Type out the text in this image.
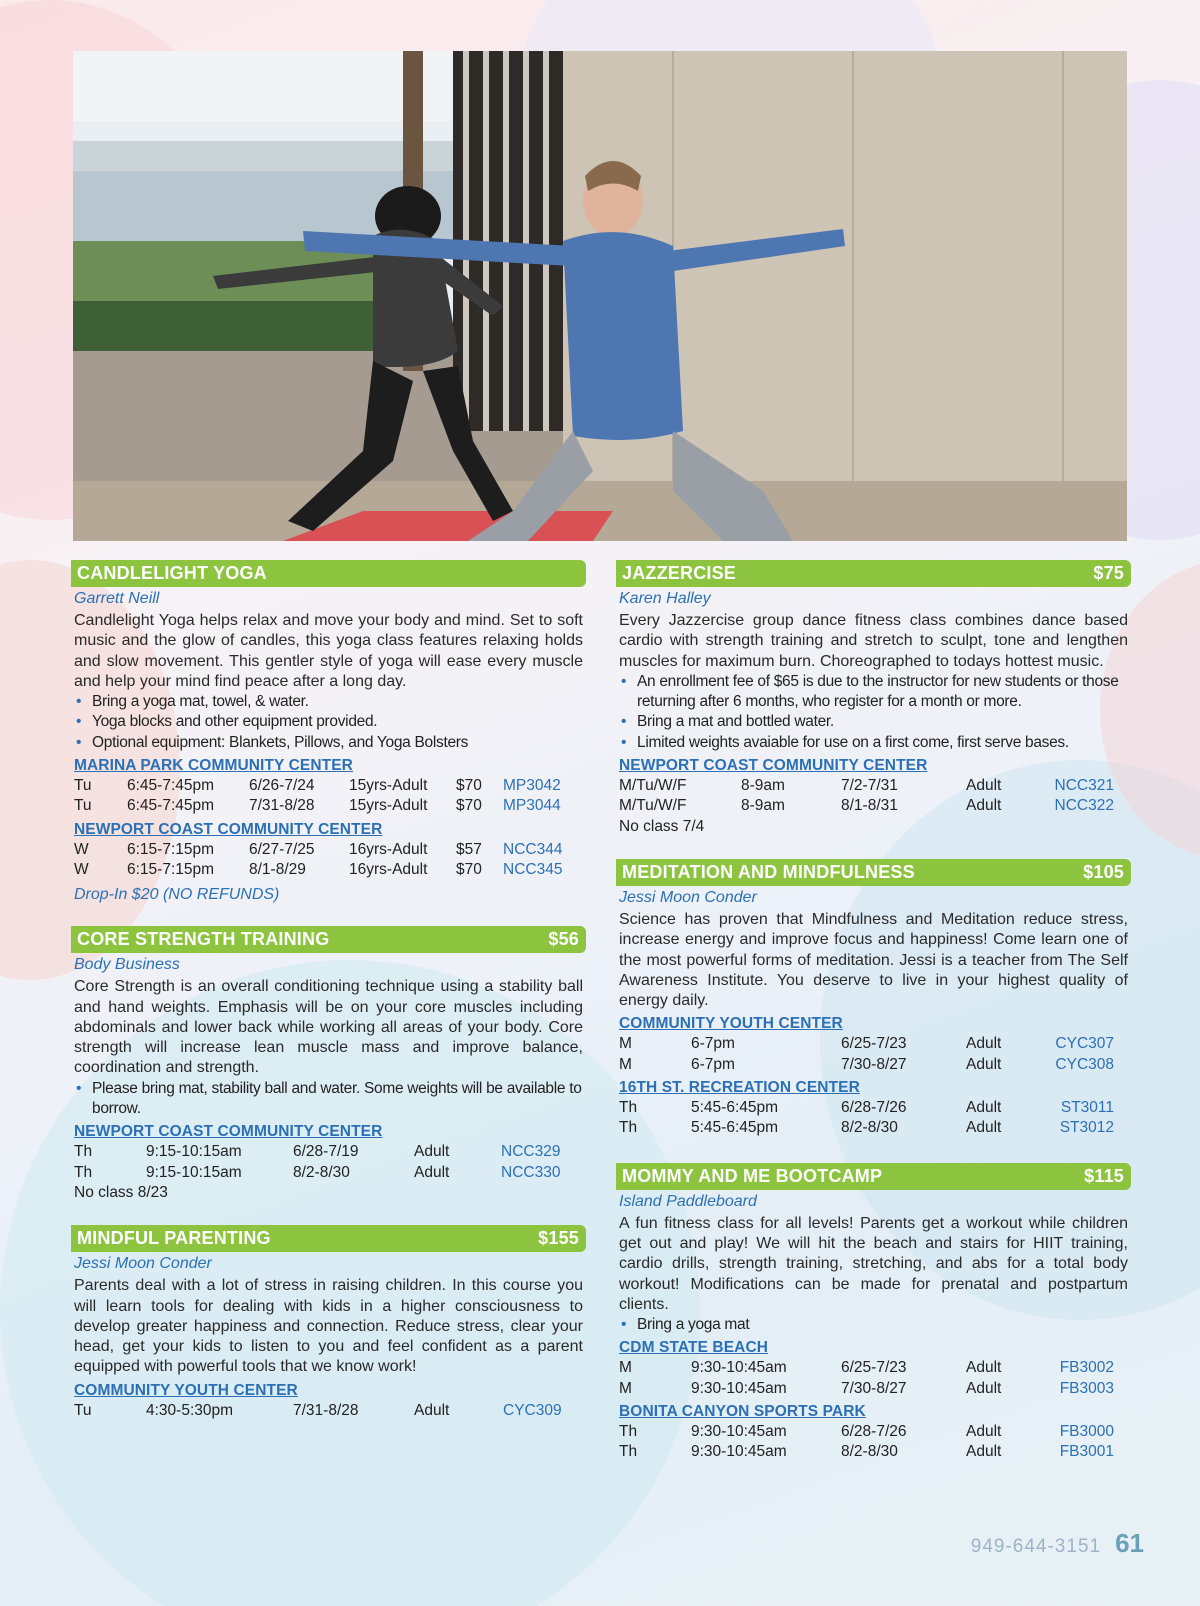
CANDLELIGHT YOGA
Garrett Neill
Candlelight Yoga helps relax and move your body and mind. Set to soft music and the glow of candles, this yoga class features relaxing holds and slow movement. This gentler style of yoga will ease every muscle and help your mind find peace after a long day.
• Bring a yoga mat, towel, & water.
• Yoga blocks and other equipment provided.
• Optional equipment: Blankets, Pillows, and Yoga Bolsters
MARINA PARK COMMUNITY CENTER
Tu 6:45-7:45pm 6/26-7/24 15yrs-Adult $70 MP3042
Tu 6:45-7:45pm 7/31-8/28 15yrs-Adult $70 MP3044
NEWPORT COAST COMMUNITY CENTER
W 6:15-7:15pm 6/27-7/25 16yrs-Adult $57 NCC344
W 6:15-7:15pm 8/1-8/29	16yrs-Adult $70 NCC345
Drop-In $20 (NO REFUNDS)
CORE STRENGTH TRAINING	$56
Body Business
Core Strength is an overall conditioning technique using a stability ball and hand weights. Emphasis will be on your core muscles including abdominals and lower back while working all areas of your body. Core strength will increase lean muscle mass and improve balance, coordination and strength.
• Please bring mat, stability ball and water. Some weights will be available to borrow.
NEWPORT COAST COMMUNITY CENTER
Th	9:15-10:15am	6/28-7/19	Adult	NCC329
Th	9:15-10:15am	8/2-8/30	Adult	NCC330
No class 8/23
MINDFUL PARENTING	$155
Jessi Moon Conder
Parents deal with a lot of stress in raising children. In this course you will learn tools for dealing with kids in a higher consciousness to develop greater happiness and connection. Reduce stress, clear your head, get your kids to listen to you and feel confident as a parent equipped with powerful tools that we know work!
COMMUNITY YOUTH CENTER
Tu	4:30-5:30pm	7/31-8/28	Adult	CYC309
JAZZERCISE	$75
Karen Halley
Every Jazzercise group dance fitness class combines dance based cardio with strength training and stretch to sculpt, tone and lengthen muscles for maximum burn. Choreographed to todays hottest music.
• An enrollment fee of $65 is due to the instructor for new students or those returning after 6 months, who register for a month or more.
• Bring a mat and bottled water.
• Limited weights avaiable for use on a first come, first serve bases.
NEWPORT COAST COMMUNITY CENTER
M/Tu/W/F	8-9am	7/2-7/31	Adult	NCC321
M/Tu/W/F	8-9am	8/1-8/31	Adult	NCC322
No class 7/4
MEDITATION AND MINDFULNESS	$105
Jessi Moon Conder
Science has proven that Mindfulness and Meditation reduce stress, increase energy and improve focus and happiness! Come learn one of the most powerful forms of meditation. Jessi is a teacher from The Self Awareness Institute. You deserve to live in your highest quality of energy daily.
COMMUNITY YOUTH CENTER
M	6-7pm	6/25-7/23	Adult	CYC307
M	6-7pm	7/30-8/27	Adult	CYC308
16TH ST. RECREATION CENTER
Th	5:45-6:45pm	6/28-7/26	Adult	ST3011
Th	5:45-6:45pm	8/2-8/30	Adult	ST3012
MOMMY AND ME BOOTCAMP	$115
Island Paddleboard
A fun fitness class for all levels! Parents get a workout while children get out and play! We will hit the beach and stairs for HIIT training, cardio drills, strength training, stretching, and abs for a total body workout! Modifications can be made for prenatal and postpartum clients.
• Bring a yoga mat
CDM STATE BEACH
M	9:30-10:45am	6/25-7/23	Adult	FB3002
M	9:30-10:45am	7/30-8/27	Adult	FB3003
BONITA CANYON SPORTS PARK
Th	9:30-10:45am	6/28-7/26	Adult	FB3000
Th	9:30-10:45am	8/2-8/30	Adult	FB3001
949-644-3151 61
